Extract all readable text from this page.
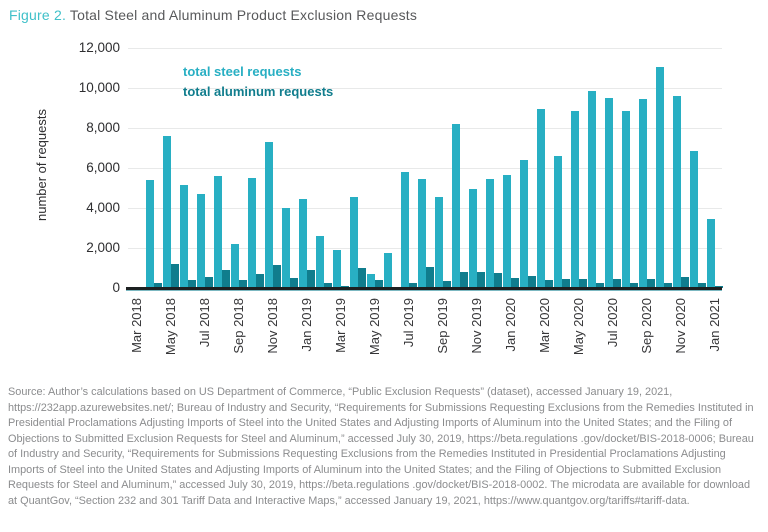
Figure 2. Total Steel and Aluminum Product Exclusion Requests
number of requests
total steel requests
total aluminum requests
Source: Author’s calculations based on US Department of Commerce, “Public Exclusion Requests” (dataset), accessed January 19, 2021, https://232app.azurewebsites.net/; Bureau of Industry and Security, “Requirements for Submissions Requesting Exclusions from the Remedies Instituted in Presidential Proclamations Adjusting Imports of Steel into the United States and Adjusting Imports of Aluminum into the United States; and the Filing of Objections to Submitted Exclusion Requests for Steel and Aluminum,” accessed July 30, 2019, https://beta.regulations .gov/docket/BIS-2018-0006; Bureau of Industry and Security, “Requirements for Submissions Requesting Exclusions from the Remedies Instituted in Presidential Proclamations Adjusting Imports of Steel into the United States and Adjusting Imports of Aluminum into the United States; and the Filing of Objections to Submitted Exclusion Requests for Steel and Aluminum,” accessed July 30, 2019, https://beta.regulations .gov/docket/BIS-2018-0002. The microdata are available for download at QuantGov, “Section 232 and 301 Tariff Data and Interactive Maps,” accessed January 19, 2021, https://www.quantgov.org/tariffs#tariff-data.
0
2,000
4,000
6,000
8,000
10,000
12,000
Mar 2018 May 2018 Jul 2018 Sep 2018 Nov 2018 Jan 2019 Mar 2019 May 2019 Jul 2019 Sep 2019 Nov 2019 Jan 2020 Mar 2020 May 2020 Jul 2020 Sep 2020 Nov 2020 Jan 2021
